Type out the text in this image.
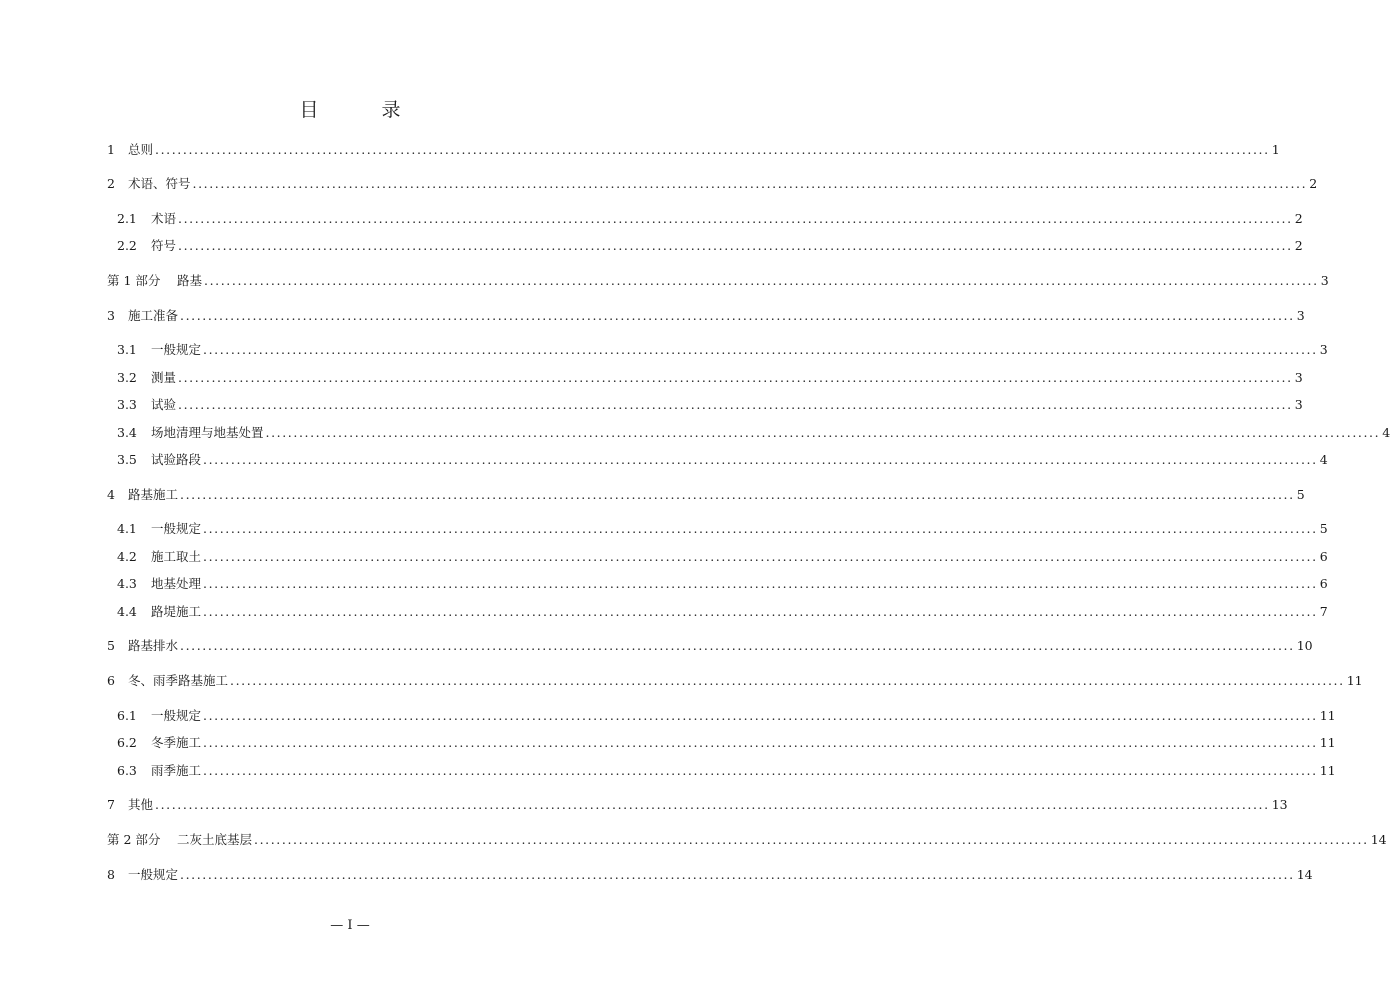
目　录
1	总则 ........................................................................................................................................................................................................ 1
2	术语、符号 ........................................................................................................................................................................................................ 2
2.1	术语 ........................................................................................................................................................................................................ 2
2.2	符号 ........................................................................................................................................................................................................ 2
第 1 部分	路基 ........................................................................................................................................................................................................ 3
3	施工准备 ........................................................................................................................................................................................................ 3
3.1	一般规定 ........................................................................................................................................................................................................ 3
3.2	测量 ........................................................................................................................................................................................................ 3
3.3	试验 ........................................................................................................................................................................................................ 3
3.4	场地清理与地基处置 ........................................................................................................................................................................................................ 4
3.5	试验路段 ........................................................................................................................................................................................................ 4
4	路基施工 ........................................................................................................................................................................................................ 5
4.1	一般规定 ........................................................................................................................................................................................................ 5
4.2	施工取土 ........................................................................................................................................................................................................ 6
4.3	地基处理 ........................................................................................................................................................................................................ 6
4.4	路堤施工 ........................................................................................................................................................................................................ 7
5	路基排水 ........................................................................................................................................................................................................ 10
6	冬、雨季路基施工 ........................................................................................................................................................................................................ 11
6.1	一般规定 ........................................................................................................................................................................................................ 11
6.2	冬季施工 ........................................................................................................................................................................................................ 11
6.3	雨季施工 ........................................................................................................................................................................................................ 11
7	其他 ........................................................................................................................................................................................................ 13
第 2 部分	二灰土底基层 ........................................................................................................................................................................................................ 14
8	一般规定 ........................................................................................................................................................................................................ 14
— I —
